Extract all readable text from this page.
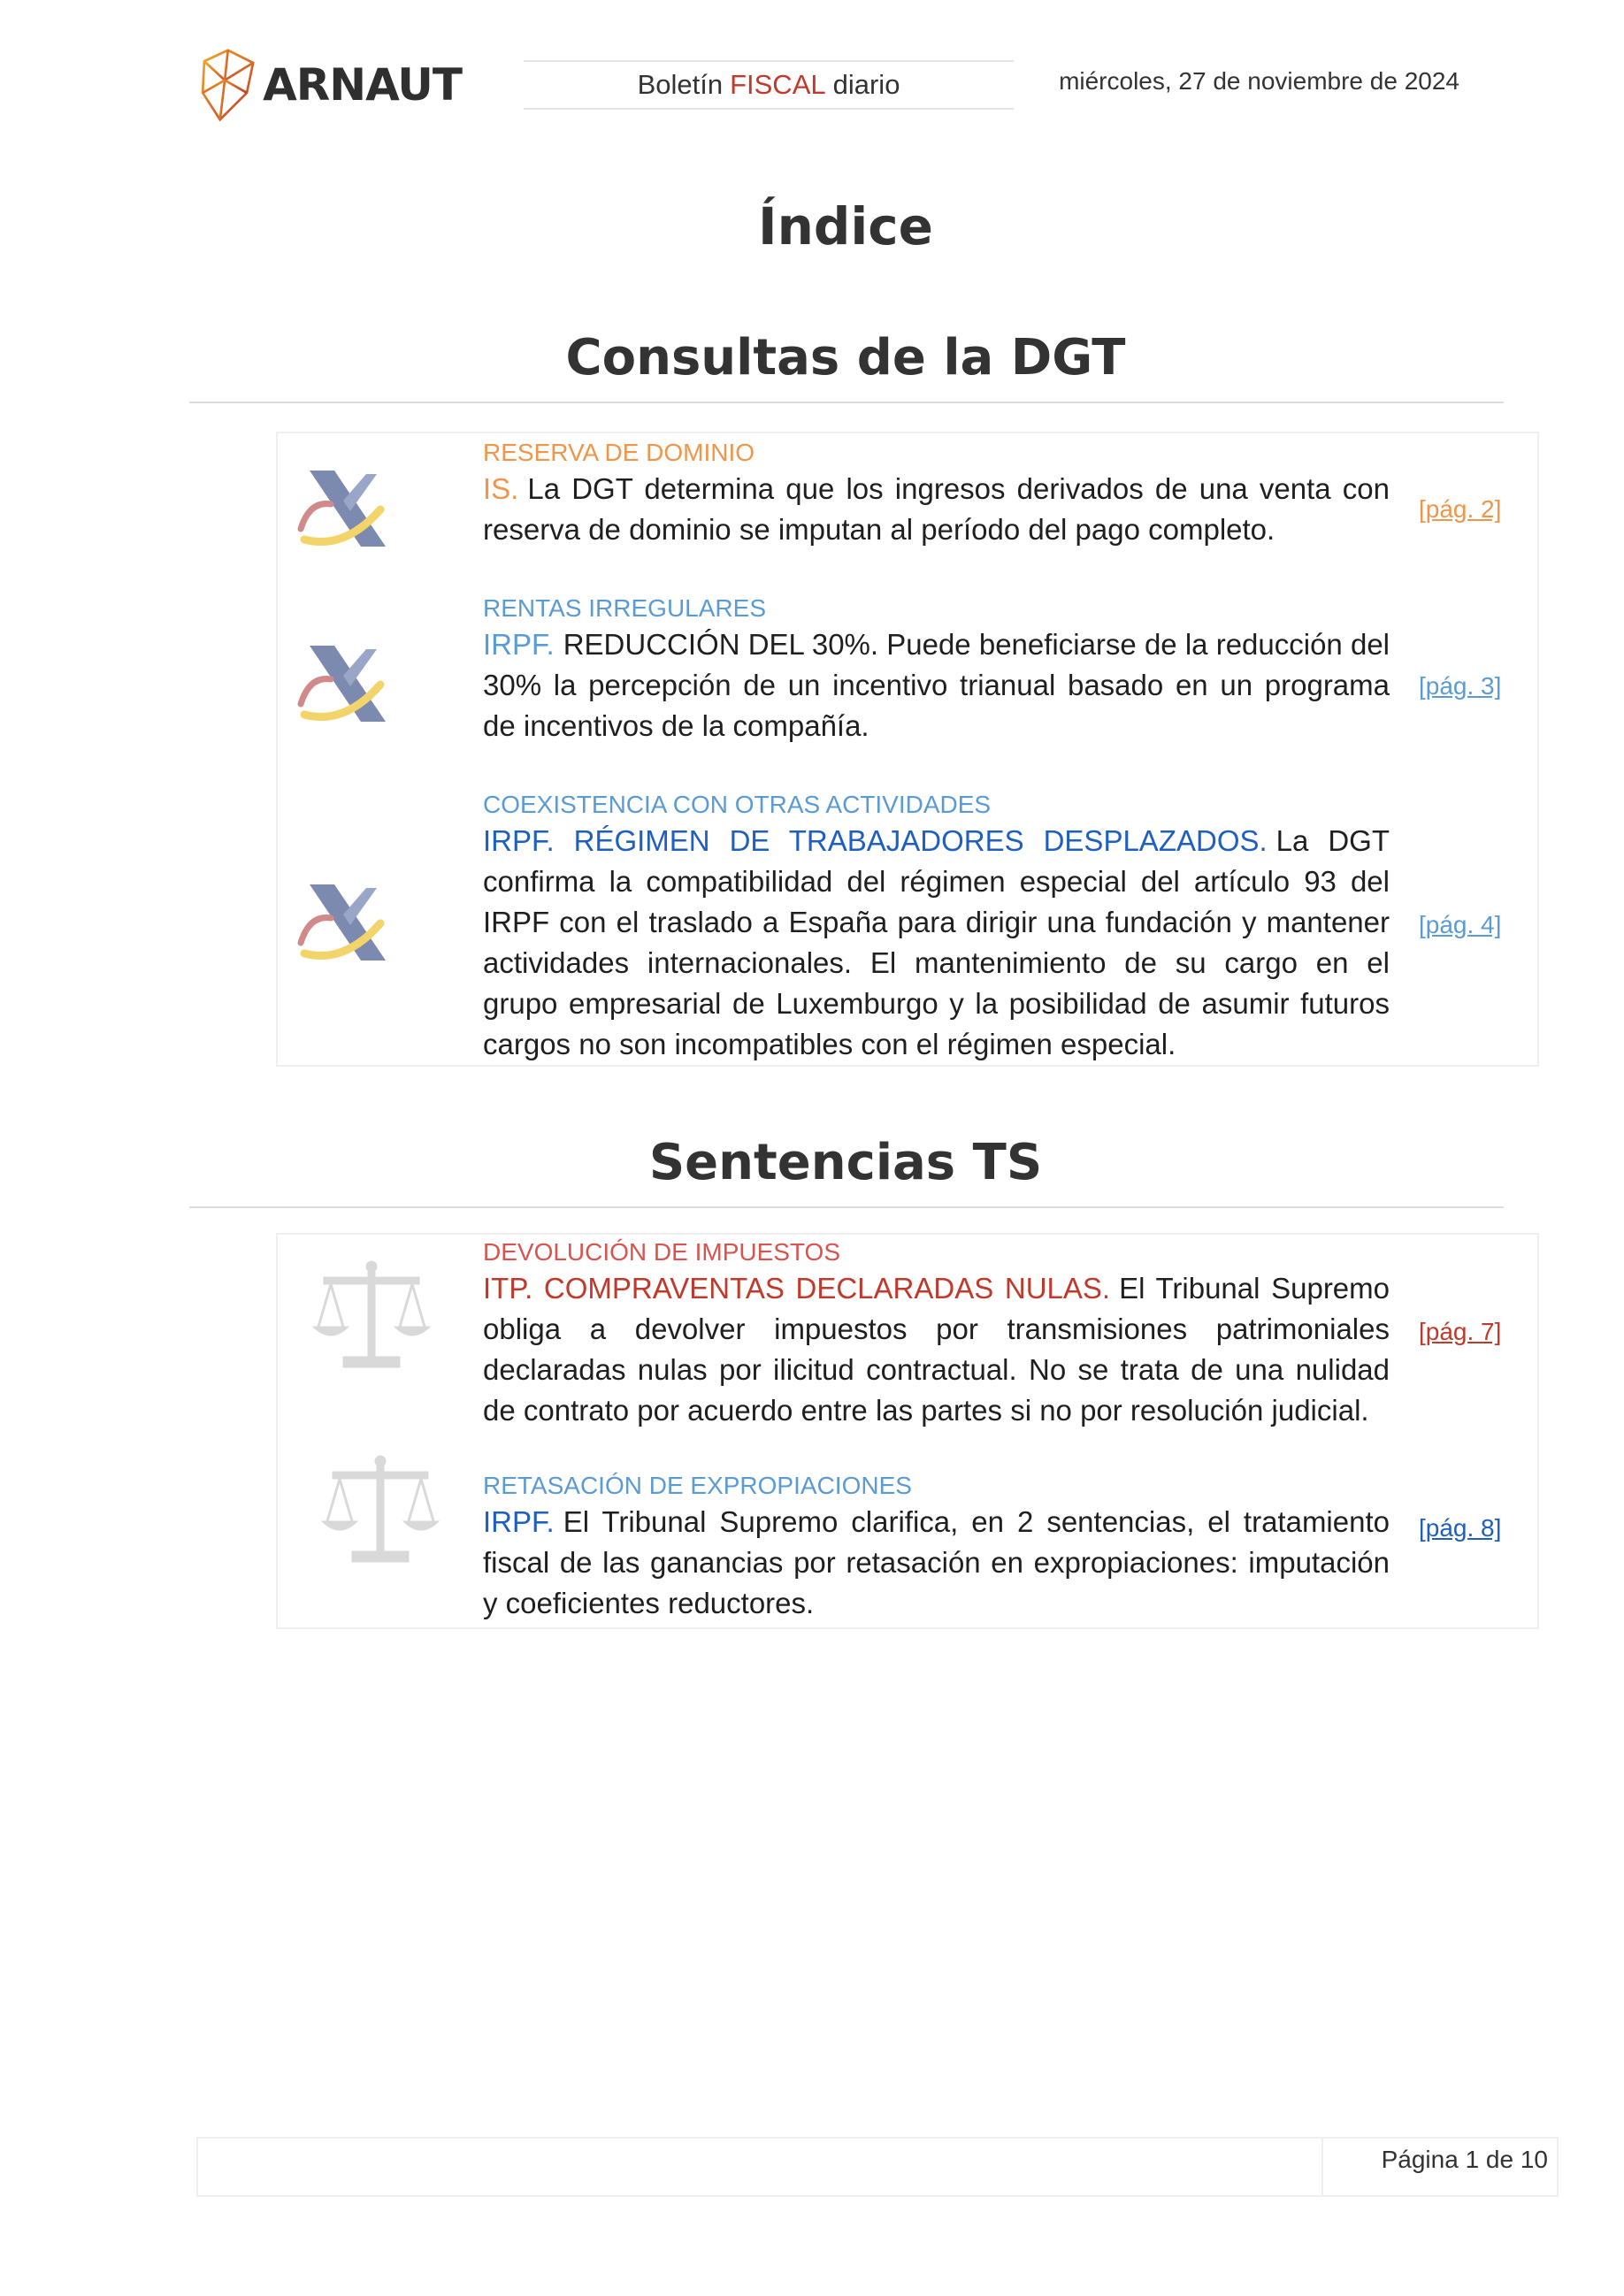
ARNAUT	Boletín FISCAL diario	miércoles, 27 de noviembre de 2024
Índice
Consultas de la DGT
RESERVA DE DOMINIO
IS. La DGT determina que los ingresos derivados de una venta con reserva de dominio se imputan al período del pago completo.
[pág. 2]
RENTAS IRREGULARES
IRPF. REDUCCIÓN DEL 30%. Puede beneficiarse de la reducción del 30% la percepción de un incentivo trianual basado en un programa de incentivos de la compañía.
[pág. 3]
COEXISTENCIA CON OTRAS ACTIVIDADES
IRPF. RÉGIMEN DE TRABAJADORES DESPLAZADOS. La DGT confirma la compatibilidad del régimen especial del artículo 93 del IRPF con el traslado a España para dirigir una fundación y mantener actividades internacionales. El mantenimiento de su cargo en el grupo empresarial de Luxemburgo y la posibilidad de asumir futuros cargos no son incompatibles con el régimen especial.
[pág. 4]
Sentencias TS
DEVOLUCIÓN DE IMPUESTOS
ITP. COMPRAVENTAS DECLARADAS NULAS. El Tribunal Supremo obliga a devolver impuestos por transmisiones patrimoniales declaradas nulas por ilicitud contractual. No se trata de una nulidad de contrato por acuerdo entre las partes si no por resolución judicial.
[pág. 7]
RETASACIÓN DE EXPROPIACIONES
IRPF. El Tribunal Supremo clarifica, en 2 sentencias, el tratamiento fiscal de las ganancias por retasación en expropiaciones: imputación y coeficientes reductores.
[pág. 8]
Página 1 de 10
